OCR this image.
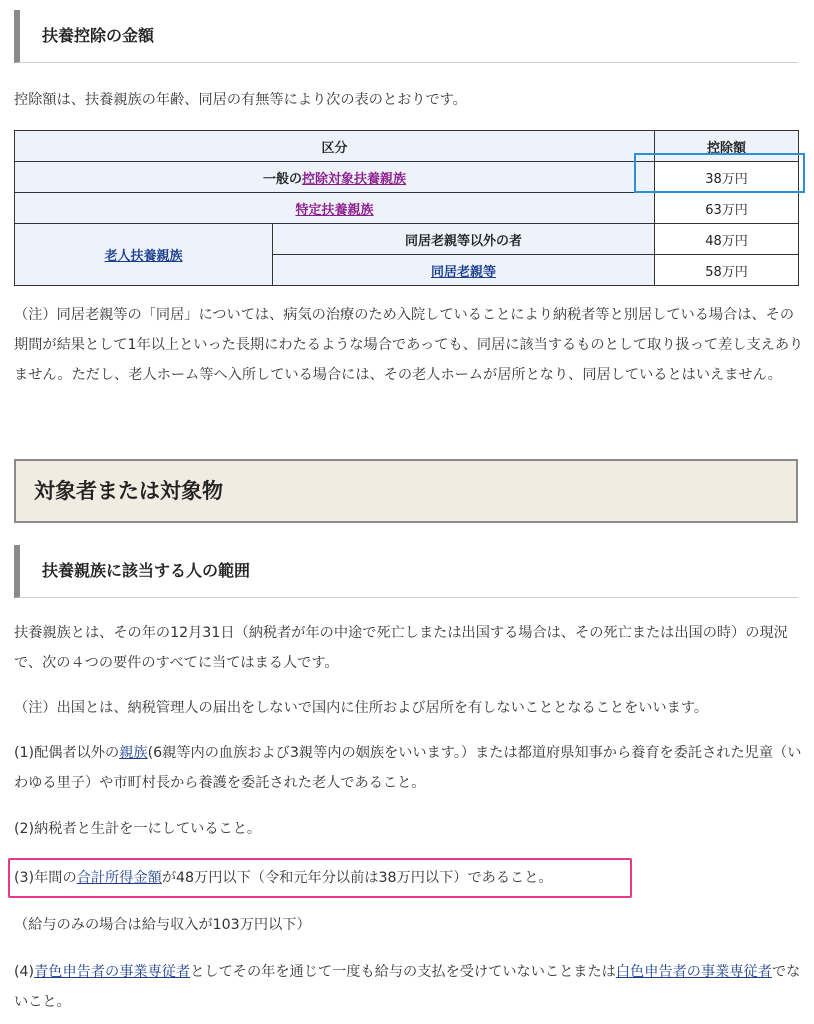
扶養控除の金額

控除額は、扶養親族の年齢、同居の有無等により次の表のとおりです。

区分		控除額
一般の控除対象扶養親族		38万円
特定扶養親族		63万円
老人扶養親族	同居老親等以外の者	48万円
	同居老親等	58万円

（注）同居老親等の「同居」については、病気の治療のため入院していることにより納税者等と別居している場合は、その期間が結果として1年以上といった長期にわたるような場合であっても、同居に該当するものとして取り扱って差し支えありません。ただし、老人ホーム等へ入所している場合には、その老人ホームが居所となり、同居しているとはいえません。

対象者または対象物
扶養親族に該当する人の範囲

扶養親族とは、その年の12月31日（納税者が年の中途で死亡しまたは出国する場合は、その死亡または出国の時）の現況で、次の４つの要件のすべてに当てはまる人です。

（注）出国とは、納税管理人の届出をしないで国内に住所および居所を有しないこととなることをいいます。

(1)配偶者以外の親族(6親等内の血族および3親等内の姻族をいいます。）または都道府県知事から養育を委託された児童（いわゆる里子）や市町村長から養護を委託された老人であること。

(2)納税者と生計を一にしていること。

(3)年間の合計所得金額が48万円以下（令和元年分以前は38万円以下）であること。

（給与のみの場合は給与収入が103万円以下）

(4)青色申告者の事業専従者としてその年を通じて一度も給与の支払を受けていないことまたは白色申告者の事業専従者でないこと。
